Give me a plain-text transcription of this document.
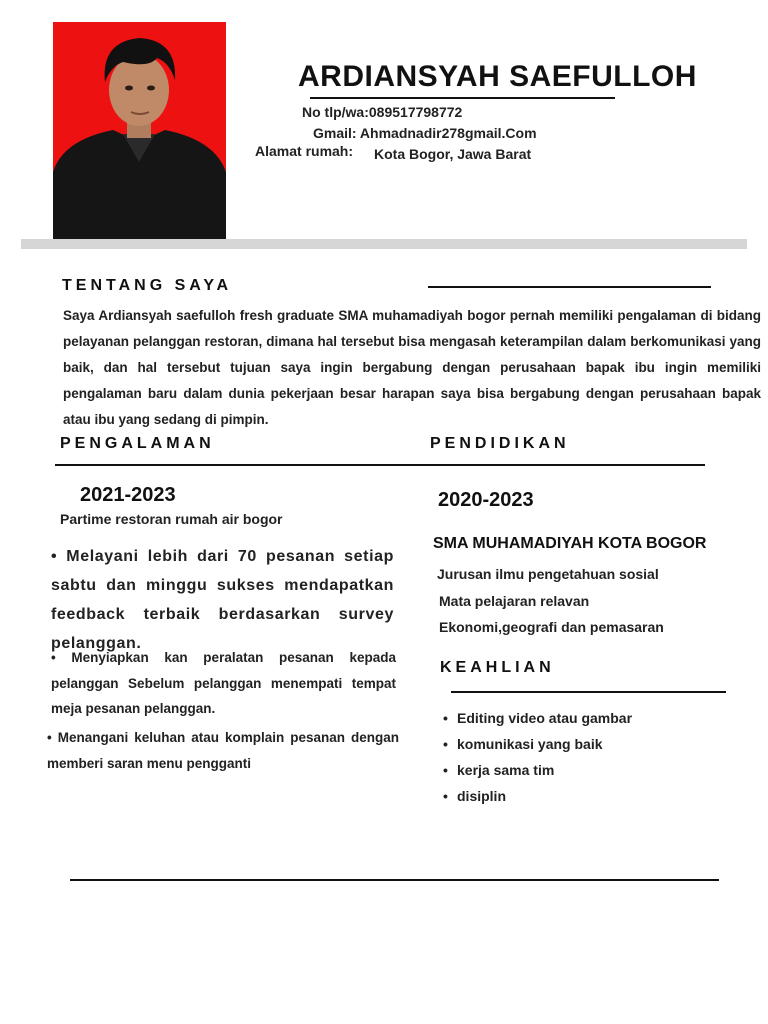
ARDIANSYAH SAEFULLOH
No tlp/wa:089517798772
Gmail: Ahmadnadir278gmail.Com
Alamat rumah: Kota Bogor, Jawa Barat
TENTANG SAYA

Saya Ardiansyah saefulloh fresh graduate SMA muhamadiyah bogor pernah memiliki pengalaman di bidang pelayanan pelanggan restoran, dimana hal tersebut bisa mengasah keterampilan dalam berkomunikasi yang baik, dan hal tersebut tujuan saya ingin bergabung dengan perusahaan bapak ibu ingin memiliki pengalaman baru dalam dunia pekerjaan besar harapan saya bisa bergabung dengan perusahaan bapak atau ibu yang sedang di pimpin.

PENGALAMAN	PENDIDIKAN
2021-2023
Partime restoran rumah air bogor
• Melayani lebih dari 70 pesanan setiap sabtu dan minggu sukses mendapatkan feedback terbaik berdasarkan survey pelanggan.
• Menyiapkan kan peralatan pesanan kepada pelanggan Sebelum pelanggan menempati tempat meja pesanan pelanggan.
• Menangani keluhan atau komplain pesanan dengan memberi saran menu pengganti
2020-2023
SMA MUHAMADIYAH KOTA BOGOR
Jurusan ilmu pengetahuan sosial
Mata pelajaran relavan
Ekonomi,geografi dan pemasaran
KEAHLIAN
• Editing video atau gambar
• komunikasi yang baik
• kerja sama tim
• disiplin
